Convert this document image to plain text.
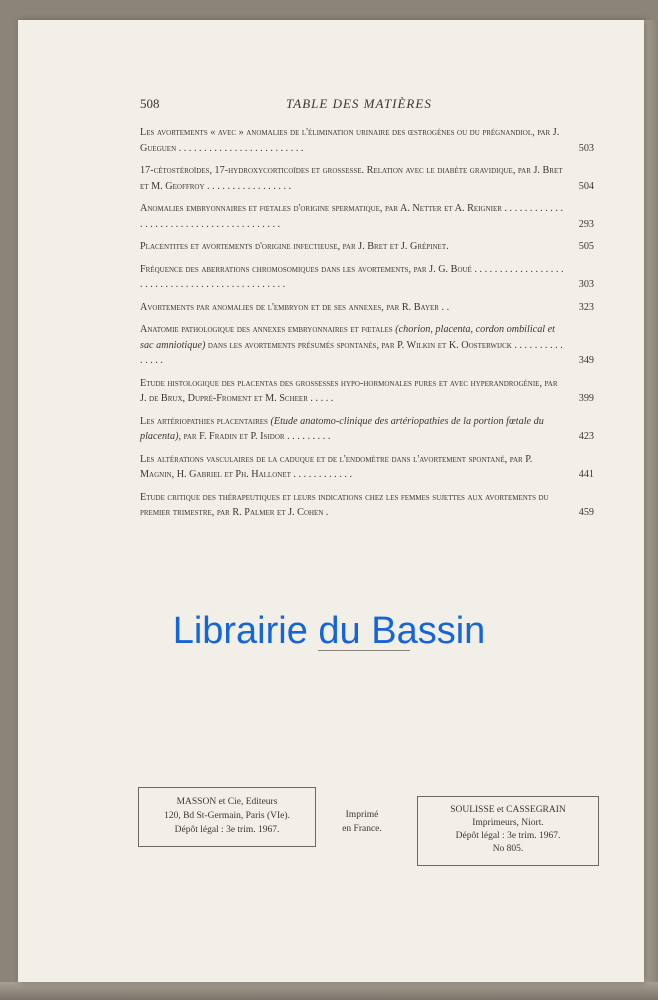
508	TABLE DES MATIÈRES
Les avortements « avec » anomalies de l'élimination urinaire des œstrogènes ou du prégnandiol, par J. Gueguen . . . . . . . . . . . . . . . . . . . . . . . . .	503
17-cétostéroïdes, 17-hydroxycorticoïdes et grossesse. Relation avec le diabète gravidique, par J. Bret et M. Geoffroy . . . . . . . . . . . . . . . . .	504
Anomalies embryonnaires et fœtales d'origine spermatique, par A. Netter et A. Reignier . . . . . . . . . . . . . . . . . . . . . . . . . . . . . . . . . . . . . . . .	293
Placentites et avortements d'origine infectieuse, par J. Bret et J. Grépinet.	505
Fréquence des aberrations chromosomiques dans les avortements, par J. G. Boué . . . . . . . . . . . . . . . . . . . . . . . . . . . . . . . . . . . . . . . . . . . . . . .	303
Avortements par anomalies de l'embryon et de ses annexes, par R. Bayer . .	323
Anatomie pathologique des annexes embryonnaires et fœtales (chorion, placenta, cordon ombilical et sac amniotique) dans les avortements présumés spontanés, par P. Wilkin et K. Oosterwijck . . . . . . . . . . . . . . .	349
Etude histologique des placentas des grossesses hypo-hormonales pures et avec hyperandrogénie, par J. de Brux, Dupré-Froment et M. Scheer . . . . .	399
Les artériopathies placentaires (Etude anatomo-clinique des artériopathies de la portion fœtale du placenta), par F. Fradin et P. Isidor . . . . . . . . .	423
Les altérations vasculaires de la caduque et de l'endomètre dans l'avortement spontané, par P. Magnin, H. Gabriel et Ph. Hallonet . . . . . . . . . . . .	441
Etude critique des thérapeutiques et leurs indications chez les femmes sujettes aux avortements du premier trimestre, par R. Palmer et J. Cohen .	459
Librairie du Bassin
MASSON et Cie, Editeurs
120, Bd St-Germain, Paris (VIe).
Dépôt légal : 3e trim. 1967.
Imprimé
en France.
SOULISSE et CASSEGRAIN
Imprimeurs, Niort.
Dépôt légal : 3e trim. 1967.
No 805.
